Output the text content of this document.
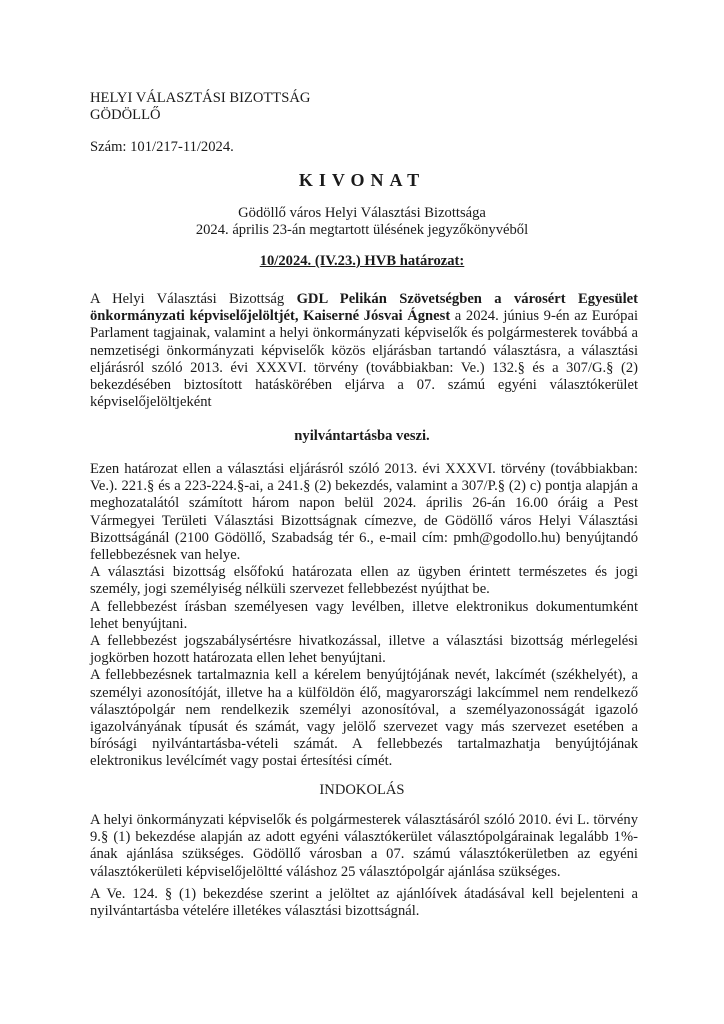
HELYI VÁLASZTÁSI BIZOTTSÁG
GÖDÖLLŐ
Szám: 101/217-11/2024.
KIVONAT
Gödöllő város Helyi Választási Bizottsága
2024. április 23-án megtartott ülésének jegyzőkönyvéből
10/2024. (IV.23.) HVB határozat:

A Helyi Választási Bizottság GDL Pelikán Szövetségben a városért Egyesület önkormányzati képviselőjelöltjét, Kaiserné Jósvai Ágnest a 2024. június 9-én az Európai Parlament tagjainak, valamint a helyi önkormányzati képviselők és polgármesterek továbbá a nemzetiségi önkormányzati képviselők közös eljárásban tartandó választásra, a választási eljárásról szóló 2013. évi XXXVI. törvény (továbbiakban: Ve.) 132.§ és a 307/G.§ (2) bekezdésében biztosított hatáskörében eljárva a 07. számú egyéni választókerület képviselőjelöltjeként

nyilvántartásba veszi.

Ezen határozat ellen a választási eljárásról szóló 2013. évi XXXVI. törvény (továbbiakban: Ve.). 221.§ és a 223-224.§-ai, a 241.§ (2) bekezdés, valamint a 307/P.§ (2) c) pontja alapján a meghozatalától számított három napon belül 2024. április 26-án 16.00 óráig a Pest Vármegyei Területi Választási Bizottságnak címezve, de Gödöllő város Helyi Választási Bizottságánál (2100 Gödöllő, Szabadság tér 6., e-mail cím: pmh@godollo.hu) benyújtandó fellebbezésnek van helye.

A választási bizottság elsőfokú határozata ellen az ügyben érintett természetes és jogi személy, jogi személyiség nélküli szervezet fellebbezést nyújthat be.

A fellebbezést írásban személyesen vagy levélben, illetve elektronikus dokumentumként lehet benyújtani.

A fellebbezést jogszabálysértésre hivatkozással, illetve a választási bizottság mérlegelési jogkörben hozott határozata ellen lehet benyújtani.

A fellebbezésnek tartalmaznia kell a kérelem benyújtójának nevét, lakcímét (székhelyét), a személyi azonosítóját, illetve ha a külföldön élő, magyarországi lakcímmel nem rendelkező választópolgár nem rendelkezik személyi azonosítóval, a személyazonosságát igazoló igazolványának típusát és számát, vagy jelölő szervezet vagy más szervezet esetében a bírósági nyilvántartásba-vételi számát. A fellebbezés tartalmazhatja benyújtójának elektronikus levélcímét vagy postai értesítési címét.

INDOKOLÁS

A helyi önkormányzati képviselők és polgármesterek választásáról szóló 2010. évi L. törvény 9.§ (1) bekezdése alapján az adott egyéni választókerület választópolgárainak legalább 1%-ának ajánlása szükséges. Gödöllő városban a 07. számú választókerületben az egyéni választókerületi képviselőjelöltté váláshoz 25 választópolgár ajánlása szükséges.

A Ve. 124. § (1) bekezdése szerint a jelöltet az ajánlóívek átadásával kell bejelenteni a nyilvántartásba vételére illetékes választási bizottságnál.
